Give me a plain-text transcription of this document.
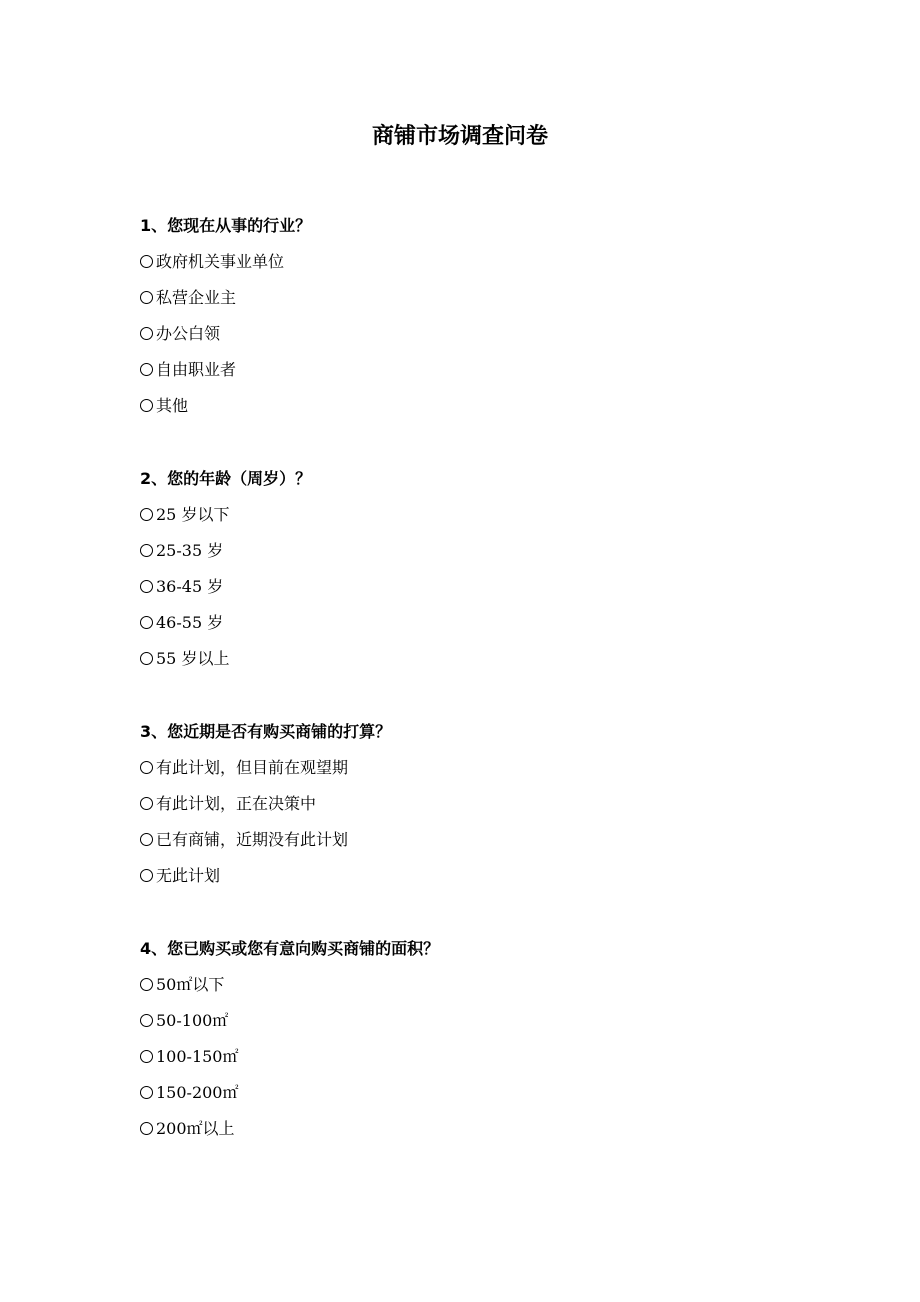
商铺市场调查问卷
1、您现在从事的行业？
政府机关事业单位
私营企业主
办公白领
自由职业者
其他
2、您的年龄（周岁）？
25 岁以下
25-35 岁
36-45 岁
46-55 岁
55 岁以上
3、您近期是否有购买商铺的打算？
有此计划，但目前在观望期
有此计划，正在决策中
已有商铺，近期没有此计划
无此计划
4、您已购买或您有意向购买商铺的面积？
50㎡以下
50-100㎡
100-150㎡
150-200㎡
200㎡以上
